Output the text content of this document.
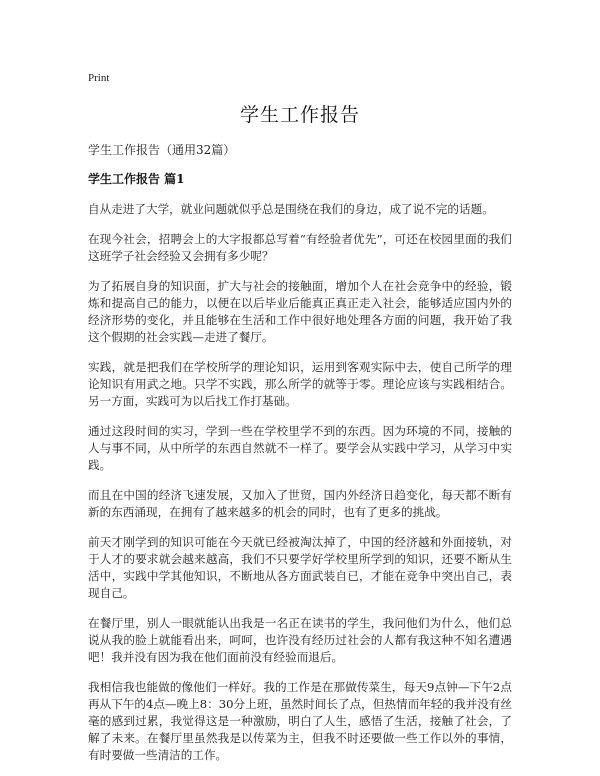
Print
学生工作报告
学生工作报告（通用32篇）
学生工作报告 篇1

自从走进了大学，就业问题就似乎总是围绕在我们的身边，成了说不完的话题。

在现今社会，招聘会上的大字报都总写着“有经验者优先”，可还在校园里面的我们这班学子社会经验又会拥有多少呢？

为了拓展自身的知识面，扩大与社会的接触面，增加个人在社会竞争中的经验，锻炼和提高自己的能力，以便在以后毕业后能真正真正走入社会，能够适应国内外的经济形势的变化，并且能够在生活和工作中很好地处理各方面的问题，我开始了我这个假期的社会实践—走进了餐厅。

实践，就是把我们在学校所学的理论知识，运用到客观实际中去，使自己所学的理论知识有用武之地。只学不实践，那么所学的就等于零。理论应该与实践相结合。另一方面，实践可为以后找工作打基础。

通过这段时间的实习，学到一些在学校里学不到的东西。因为环境的不同，接触的人与事不同，从中所学的东西自然就不一样了。要学会从实践中学习，从学习中实践。

而且在中国的经济飞速发展，又加入了世贸，国内外经济日趋变化，每天都不断有新的东西涌现，在拥有了越来越多的机会的同时，也有了更多的挑战。

前天才刚学到的知识可能在今天就已经被淘汰掉了，中国的经济越和外面接轨，对于人才的要求就会越来越高，我们不只要学好学校里所学到的知识，还要不断从生活中，实践中学其他知识，不断地从各方面武装自已，才能在竞争中突出自己，表现自己。

在餐厅里，别人一眼就能认出我是一名正在读书的学生，我问他们为什么，他们总说从我的脸上就能看出来，呵呵，也许没有经历过社会的人都有我这种不知名遭遇吧！我并没有因为我在他们面前没有经验而退后。

我相信我也能做的像他们一样好。我的工作是在那做传菜生，每天9点钟—下午2点再从下午的4点—晚上8：30分上班，虽然时间长了点，但热情而年轻的我并没有丝毫的感到过累，我觉得这是一种激励，明白了人生，感悟了生活，接触了社会，了解了未来。在餐厅里虽然我是以传菜为主，但我不时还要做一些工作以外的事情，有时要做一些清洁的工作。
